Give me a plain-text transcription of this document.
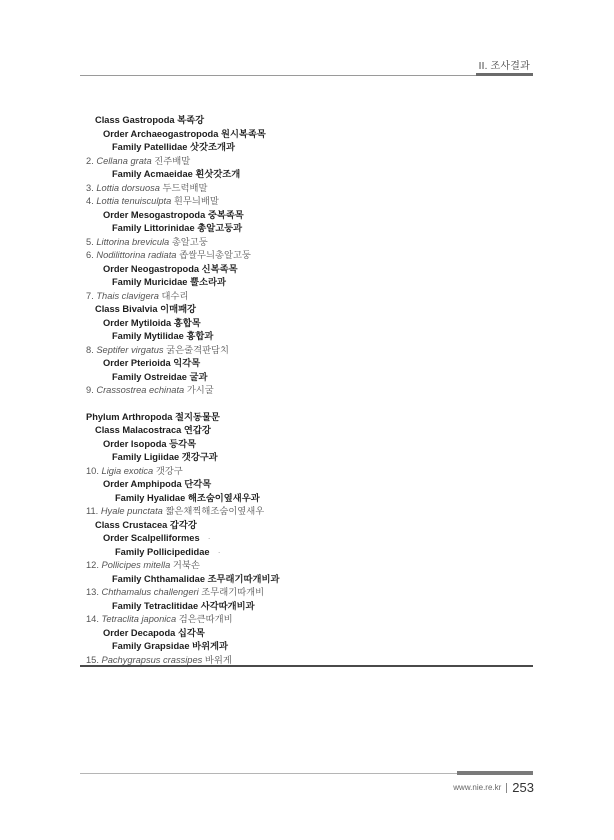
II. 조사결과
Class Gastropoda 복족강
Order Archaeogastropoda 원시복족목
Family Patellidae 삿갓조개과
2. Cellana grata 진주배말
Family Acmaeidae 흰삿갓조개
3. Lottia dorsuosa 두드럭배말
4. Lottia tenuisculpta 흰무늬배말
Order Mesogastropoda 중복족목
Family Littorinidae 총알고둥과
5. Littorina brevicula 총알고둥
6. Nodilittorina radiata 좁쌀무늬총알고둥
Order Neogastropoda 신복족목
Family Muricidae 뿔소라과
7. Thais clavigera 대수리
Class Bivalvia 이매패강
Order Mytiloida 홍합목
Family Mytilidae 홍합과
8. Septifer virgatus 굵은줄격판담치
Order Pterioida 익각목
Family Ostreidae 굴과
9. Crassostrea echinata 가시굴
Phylum Arthropoda 절지동물문
Class Malacostraca 연갑강
Order Isopoda 등각목
Family Ligiidae 갯강구과
10. Ligia exotica 갯강구
Order Amphipoda 단각목
Family Hyalidae 해조숨이옆새우과
11. Hyale punctata 짧은채찍해조숨이옆새우
Class Crustacea 갑각강
Order Scalpelliformes ·
Family Pollicipedidae ·
12. Pollicipes mitella 거북손
Family Chthamalidae 조무래기따개비과
13. Chthamalus challengeri 조무래기따개비
Family Tetraclitidae 사각따개비과
14. Tetraclita japonica 검은큰따개비
Order Decapoda 십각목
Family Grapsidae 바위게과
15. Pachygrapsus crassipes 바위게
www.nie.re.kr 253
